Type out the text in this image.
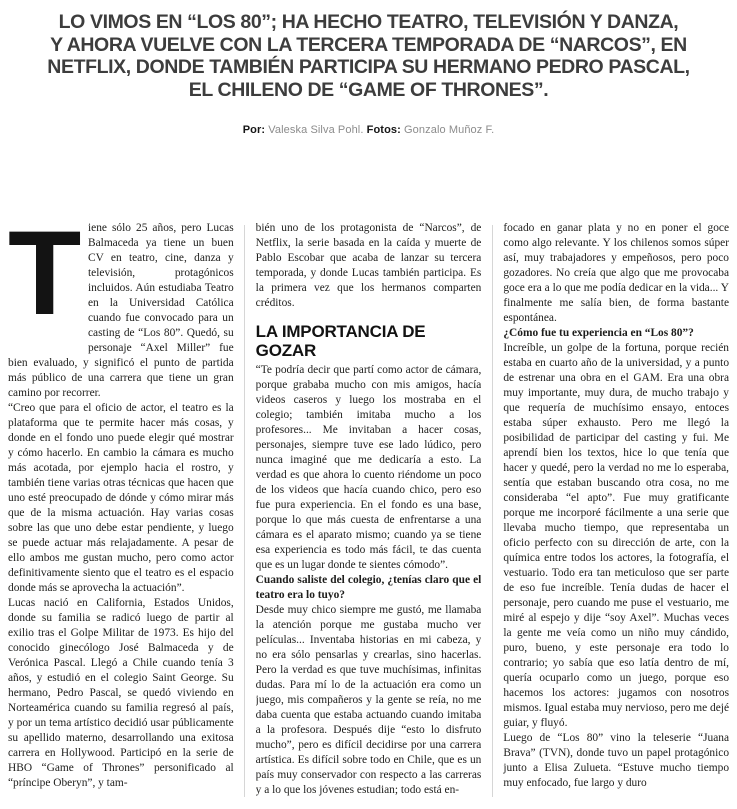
LO VIMOS EN “LOS 80”; HA HECHO TEATRO, TELEVISIÓN Y DANZA,
Y AHORA VUELVE CON LA TERCERA TEMPORADA DE “NARCOS”, EN
NETFLIX, DONDE TAMBIÉN PARTICIPA SU HERMANO PEDRO PASCAL,
EL CHILENO DE “GAME OF THRONES”.
Por: Valeska Silva Pohl. Fotos: Gonzalo Muñoz F.

Tiene sólo 25 años, pero Lucas Balmaceda ya tiene un buen CV en teatro, cine, danza y televisión, protagónicos incluidos. Aún estudiaba Teatro en la Universidad Católica cuando fue convocado para un casting de “Los 80”. Quedó, su personaje “Axel Miller” fue bien evaluado, y significó el punto de partida más público de una carrera que tiene un gran camino por recorrer.

“Creo que para el oficio de actor, el teatro es la plataforma que te permite hacer más cosas, y donde en el fondo uno puede elegir qué mostrar y cómo hacerlo. En cambio la cámara es mucho más acotada, por ejemplo hacia el rostro, y también tiene varias otras técnicas que hacen que uno esté preocupado de dónde y cómo mirar más que de la misma actuación. Hay varias cosas sobre las que uno debe estar pendiente, y luego se puede actuar más relajadamente. A pesar de ello ambos me gustan mucho, pero como actor definitivamente siento que el teatro es el espacio donde más se aprovecha la actuación”.

Lucas nació en California, Estados Unidos, donde su familia se radicó luego de partir al exilio tras el Golpe Militar de 1973. Es hijo del conocido ginecólogo José Balmaceda y de Verónica Pascal. Llegó a Chile cuando tenía 3 años, y estudió en el colegio Saint George. Su hermano, Pedro Pascal, se quedó viviendo en Norteamérica cuando su familia regresó al país, y por un tema artístico decidió usar públicamente su apellido materno, desarrollando una exitosa carrera en Hollywood. Participó en la serie de HBO “Game of Thrones” personificado al “príncipe Oberyn”, y tam-

bién uno de los protagonista de “Narcos”, de Netflix, la serie basada en la caída y muerte de Pablo Escobar que acaba de lanzar su tercera temporada, y donde Lucas también participa. Es la primera vez que los hermanos comparten créditos.

LA IMPORTANCIA DE GOZAR

“Te podría decir que partí como actor de cámara, porque grababa mucho con mis amigos, hacía videos caseros y luego los mostraba en el colegio; también imitaba mucho a los profesores... Me invitaban a hacer cosas, personajes, siempre tuve ese lado lúdico, pero nunca imaginé que me dedicaría a esto. La verdad es que ahora lo cuento riéndome un poco de los videos que hacía cuando chico, pero eso fue pura experiencia. En el fondo es una base, porque lo que más cuesta de enfrentarse a una cámara es el aparato mismo; cuando ya se tiene esa experiencia es todo más fácil, te das cuenta que es un lugar donde te sientes cómodo”.

Cuando saliste del colegio, ¿tenías claro que el teatro era lo tuyo?

Desde muy chico siempre me gustó, me llamaba la atención porque me gustaba mucho ver películas... Inventaba historias en mi cabeza, y no era sólo pensarlas y crearlas, sino hacerlas. Pero la verdad es que tuve muchísimas, infinitas dudas. Para mí lo de la actuación era como un juego, mis compañeros y la gente se reía, no me daba cuenta que estaba actuando cuando imitaba a la profesora. Después dije “esto lo disfruto mucho”, pero es difícil decidirse por una carrera artística. Es difícil sobre todo en Chile, que es un país muy conservador con respecto a las carreras y a lo que los jóvenes estudian; todo está en-

focado en ganar plata y no en poner el goce como algo relevante. Y los chilenos somos súper así, muy trabajadores y empeñosos, pero poco gozadores. No creía que algo que me provocaba goce era a lo que me podía dedicar en la vida... Y finalmente me salía bien, de forma bastante espontánea.

¿Cómo fue tu experiencia en “Los 80”?

Increíble, un golpe de la fortuna, porque recién estaba en cuarto año de la universidad, y a punto de estrenar una obra en el GAM. Era una obra muy importante, muy dura, de mucho trabajo y que requería de muchísimo ensayo, entoces estaba súper exhausto. Pero me llegó la posibilidad de participar del casting y fui. Me aprendí bien los textos, hice lo que tenía que hacer y quedé, pero la verdad no me lo esperaba, sentía que estaban buscando otra cosa, no me consideraba “el apto”. Fue muy gratificante porque me incorporé fácilmente a una serie que llevaba mucho tiempo, que representaba un oficio perfecto con su dirección de arte, con la química entre todos los actores, la fotografía, el vestuario. Todo era tan meticuloso que ser parte de eso fue increíble. Tenía dudas de hacer el personaje, pero cuando me puse el vestuario, me miré al espejo y dije “soy Axel”. Muchas veces la gente me veía como un niño muy cándido, puro, bueno, y este personaje era todo lo contrario; yo sabía que eso latía dentro de mí, quería ocuparlo como un juego, porque eso hacemos los actores: jugamos con nosotros mismos. Igual estaba muy nervioso, pero me dejé guiar, y fluyó.

Luego de “Los 80” vino la teleserie “Juana Brava” (TVN), donde tuvo un papel protagónico junto a Elisa Zulueta. “Estuve mucho tiempo muy enfocado, fue largo y duro
